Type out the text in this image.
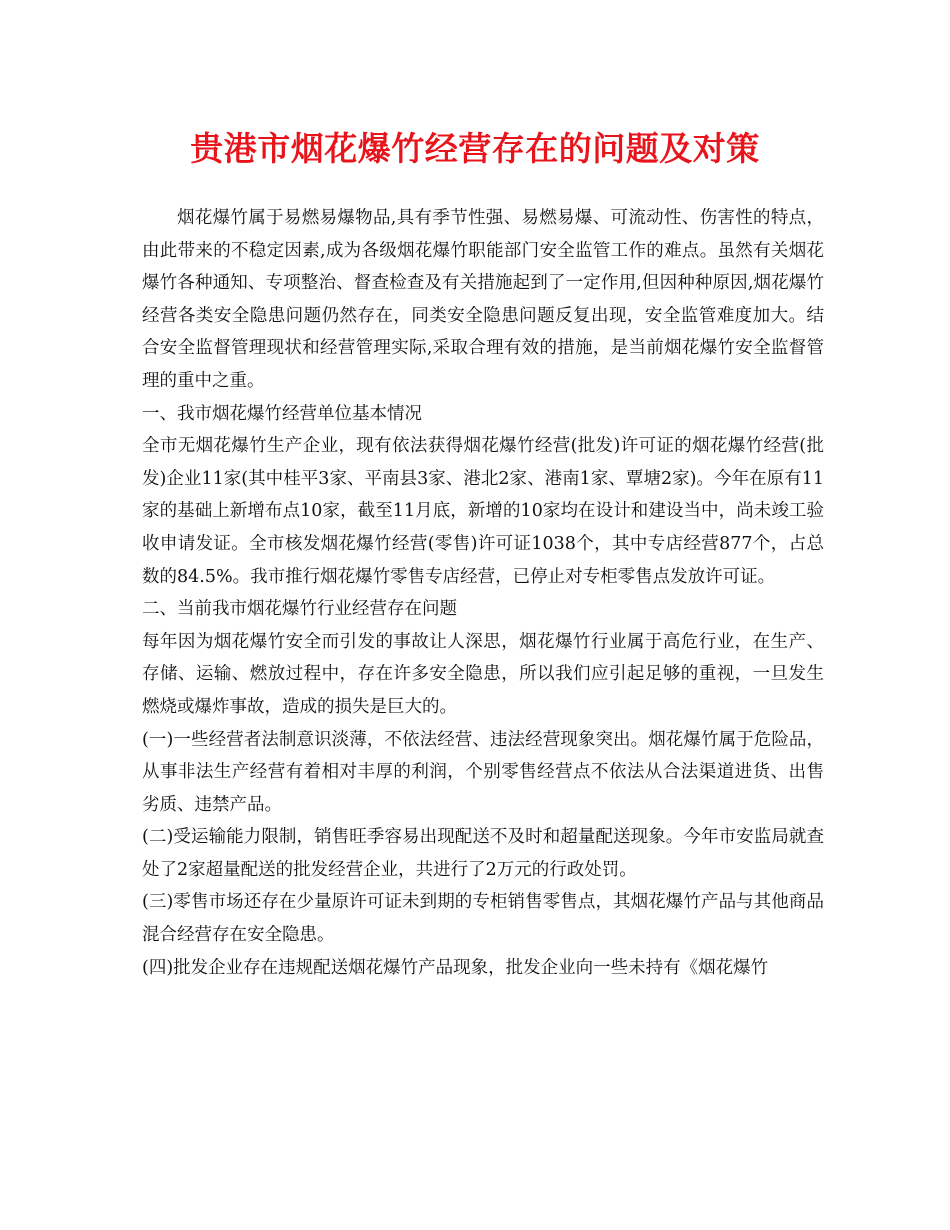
贵港市烟花爆竹经营存在的问题及对策

烟花爆竹属于易燃易爆物品,具有季节性强、易燃易爆、可流动性、伤害性的特点，由此带来的不稳定因素,成为各级烟花爆竹职能部门安全监管工作的难点。虽然有关烟花爆竹各种通知、专项整治、督查检查及有关措施起到了一定作用,但因种种原因,烟花爆竹经营各类安全隐患问题仍然存在，同类安全隐患问题反复出现，安全监管难度加大。结合安全监督管理现状和经营管理实际,采取合理有效的措施，是当前烟花爆竹安全监督管理的重中之重。

一、我市烟花爆竹经营单位基本情况

全市无烟花爆竹生产企业，现有依法获得烟花爆竹经营(批发)许可证的烟花爆竹经营(批发)企业11家(其中桂平3家、平南县3家、港北2家、港南1家、覃塘2家)。今年在原有11家的基础上新增布点10家，截至11月底，新增的10家均在设计和建设当中，尚未竣工验收申请发证。全市核发烟花爆竹经营(零售)许可证1038个，其中专店经营877个，占总数的84.5%。我市推行烟花爆竹零售专店经营，已停止对专柜零售点发放许可证。

二、当前我市烟花爆竹行业经营存在问题

每年因为烟花爆竹安全而引发的事故让人深思，烟花爆竹行业属于高危行业，在生产、存储、运输、燃放过程中，存在许多安全隐患，所以我们应引起足够的重视，一旦发生燃烧或爆炸事故，造成的损失是巨大的。

(一)一些经营者法制意识淡薄，不依法经营、违法经营现象突出。烟花爆竹属于危险品，从事非法生产经营有着相对丰厚的利润，个别零售经营点不依法从合法渠道进货、出售劣质、违禁产品。

(二)受运输能力限制，销售旺季容易出现配送不及时和超量配送现象。今年市安监局就查处了2家超量配送的批发经营企业，共进行了2万元的行政处罚。

(三)零售市场还存在少量原许可证未到期的专柜销售零售点，其烟花爆竹产品与其他商品混合经营存在安全隐患。

(四)批发企业存在违规配送烟花爆竹产品现象，批发企业向一些未持有《烟花爆竹
